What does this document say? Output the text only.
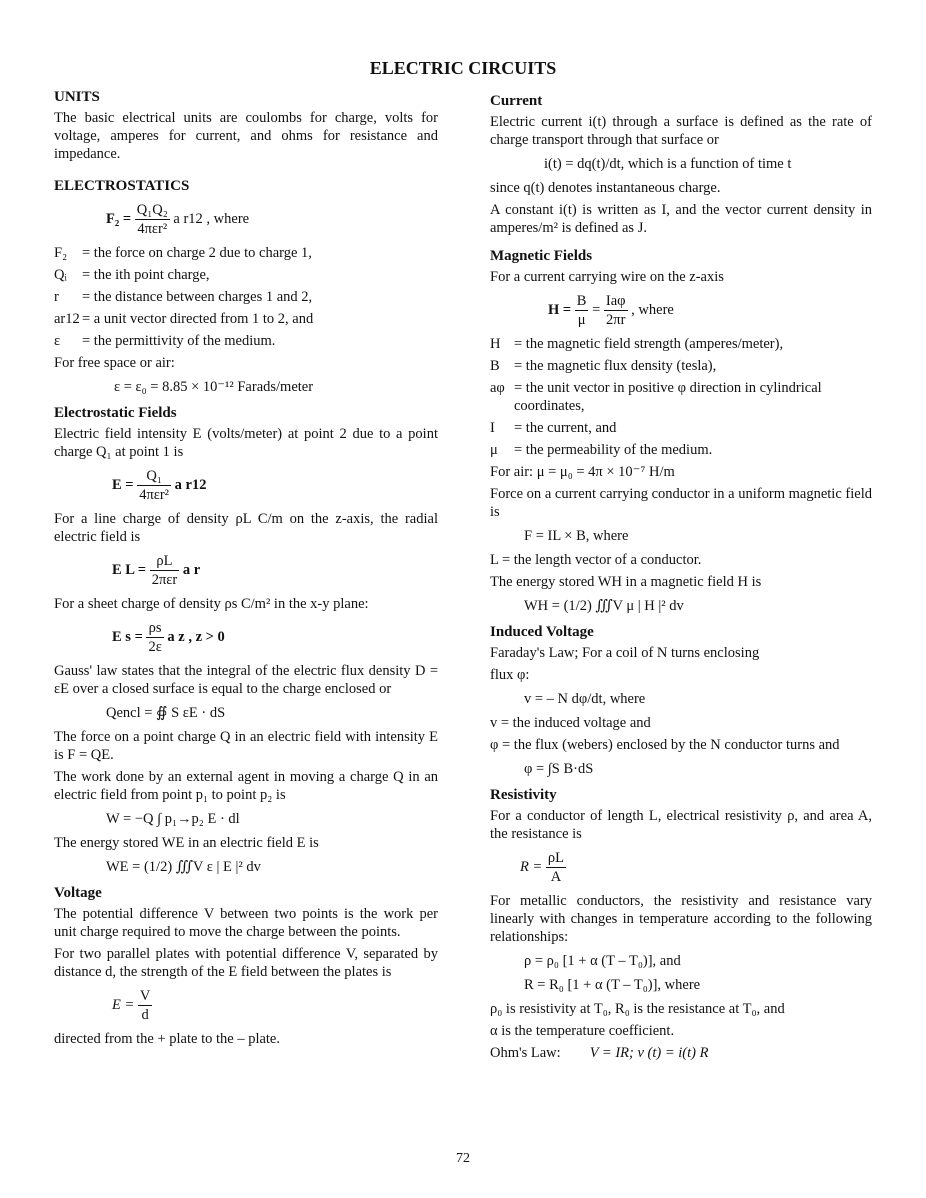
ELECTRIC CIRCUITS
UNITS
The basic electrical units are coulombs for charge, volts for voltage, amperes for current, and ohms for resistance and impedance.
ELECTROSTATICS
$F_2 = \frac{\text{Q₁Q₂}}{\text{4πεr²}}$ a r12 , where
F₂	= the force on charge 2 due to charge 1,
Qᵢ	= the ith point charge,
r	= the distance between charges 1 and 2,
ar12 = a unit vector directed from 1 to 2, and
ε	= the permittivity of the medium.
For free space or air:
ε = ε₀ = 8.85 × 10⁻¹² Farads/meter
Electrostatic Fields
Electric field intensity E (volts/meter) at point 2 due to a point charge Q₁ at point 1 is
$E = \frac{\text{Q₁}}{\text{4πεr²}}$ a r12
For a line charge of density ρL C/m on the z-axis, the radial electric field is
E $L = \frac{\rho L}{\text{2πεr}}$ a r
For a sheet charge of density ρs C/m² in the x-y plane:
E $s = \frac{\rho s}{2\varepsilon}$ a z , z > 0
Gauss' law states that the integral of the electric flux density D = εE over a closed surface is equal to the charge enclosed or
Qencl = ∯ S εE · dS
The force on a point charge Q in an electric field with intensity E is F = QE.
The work done by an external agent in moving a charge Q in an electric field from point p₁ to point p₂ is
W = −Q ∫ p₁→p₂ E · dl
The energy stored WE in an electric field E is
WE = (1/2) ∭V ε | E |² dv
Voltage
The potential difference V between two points is the work per unit charge required to move the charge between the points.
For two parallel plates with potential difference V, separated by distance d, the strength of the E field between the plates is
$E = \frac{V}{d}$
directed from the + plate to the – plate.
Current
Electric current i(t) through a surface is defined as the rate of charge transport through that surface or
i(t) = dq(t)/dt, which is a function of time t
since q(t) denotes instantaneous charge.
A constant i(t) is written as I, and the vector current density in amperes/m² is defined as J.
Magnetic Fields
For a current carrying wire on the z-axis
$H = \frac{B}{\mu} = \frac{\text{Iaφ}}{2\pi r}$ , where
H = the magnetic field strength (amperes/meter),
B = the magnetic flux density (tesla),
aφ = the unit vector in positive φ direction in cylindrical coordinates,
I	= the current, and
μ	= the permeability of the medium.
For air: μ = μ₀ = 4π × 10⁻⁷ H/m
Force on a current carrying conductor in a uniform magnetic field is
F = IL × B, where
L = the length vector of a conductor.
The energy stored WH in a magnetic field H is
WH = (1/2) ∭V μ | H |² dv
Induced Voltage
Faraday's Law; For a coil of N turns enclosing
flux φ:
v = – N dφ/dt, where
v = the induced voltage and
φ = the flux (webers) enclosed by the N conductor turns and
φ = ∫S B·dS
Resistivity
For a conductor of length L, electrical resistivity ρ, and area A, the resistance is
$R = \frac{\rho L}{A}$
For metallic conductors, the resistivity and resistance vary linearly with changes in temperature according to the following relationships:
ρ = ρ₀ [1 + α (T – T₀)], and
R = R₀ [1 + α (T – T₀)], where
ρ₀ is resistivity at T₀, R₀ is the resistance at T₀, and
α is the temperature coefficient.
Ohm's Law: V = IR; v (t) = i(t) R
72
